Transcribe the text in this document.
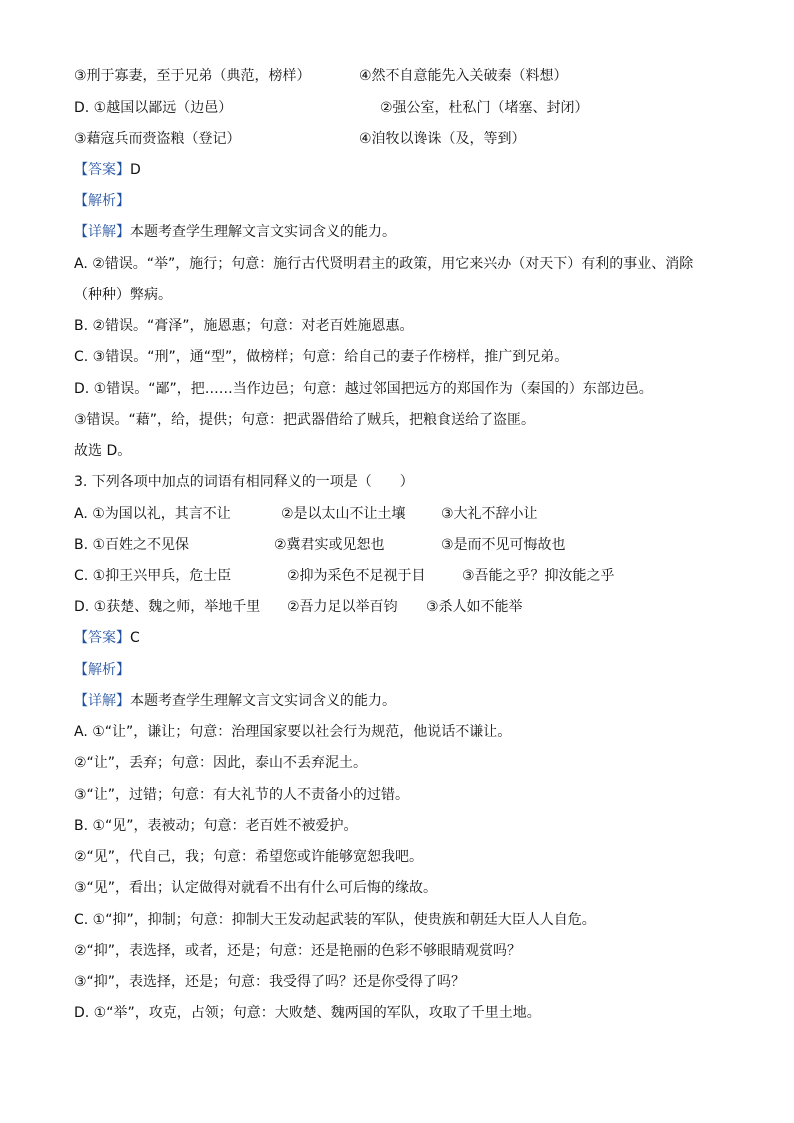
③刑于寡妻，至于兄弟（典范，榜样）	④然不自意能先入关破秦（料想）
D. ①越国以鄙远（边邑）	②强公室，杜私门（堵塞、封闭）
③藉寇兵而赍盗粮（登记）	④洎牧以谗诛（及，等到）
【答案】D
【解析】
【详解】本题考查学生理解文言文实词含义的能力。
A. ②错误。“举”，施行；句意：施行古代贤明君主的政策，用它来兴办（对天下）有利的事业、消除
（种种）弊病。
B. ②错误。“膏泽”，施恩惠；句意：对老百姓施恩惠。
C. ③错误。“刑”，通“型”，做榜样；句意：给自己的妻子作榜样，推广到兄弟。
D. ①错误。“鄙”，把……当作边邑；句意：越过邻国把远方的郑国作为（秦国的）东部边邑。
③错误。“藉”，给，提供；句意：把武器借给了贼兵，把粮食送给了盗匪。
故选 D。
3. 下列各项中加点的词语有相同释义的一项是（　　）
A. ①为国以礼，其言不让	②是以太山不让土壤	③大礼不辞小让
B. ①百姓之不见保	②冀君实或见恕也	③是而不见可悔故也
C. ①抑王兴甲兵，危士臣	②抑为采色不足视于目	③吾能之乎？抑汝能之乎
D. ①获楚、魏之师，举地千里	②吾力足以举百钧	③杀人如不能举
【答案】C
【解析】
【详解】本题考查学生理解文言文实词含义的能力。
A. ①“让”，谦让；句意：治理国家要以社会行为规范，他说话不谦让。
②“让”，丢弃；句意：因此，泰山不丢弃泥土。
③“让”，过错；句意：有大礼节的人不责备小的过错。
B. ①“见”，表被动；句意：老百姓不被爱护。
②“见”，代自己，我；句意：希望您或许能够宽恕我吧。
③“见”，看出；认定做得对就看不出有什么可后悔的缘故。
C. ①“抑”，抑制；句意：抑制大王发动起武装的军队，使贵族和朝廷大臣人人自危。
②“抑”，表选择，或者，还是；句意：还是艳丽的色彩不够眼睛观赏吗？
③“抑”，表选择，还是；句意：我受得了吗？还是你受得了吗？
D. ①“举”，攻克，占领；句意：大败楚、魏两国的军队，攻取了千里土地。
